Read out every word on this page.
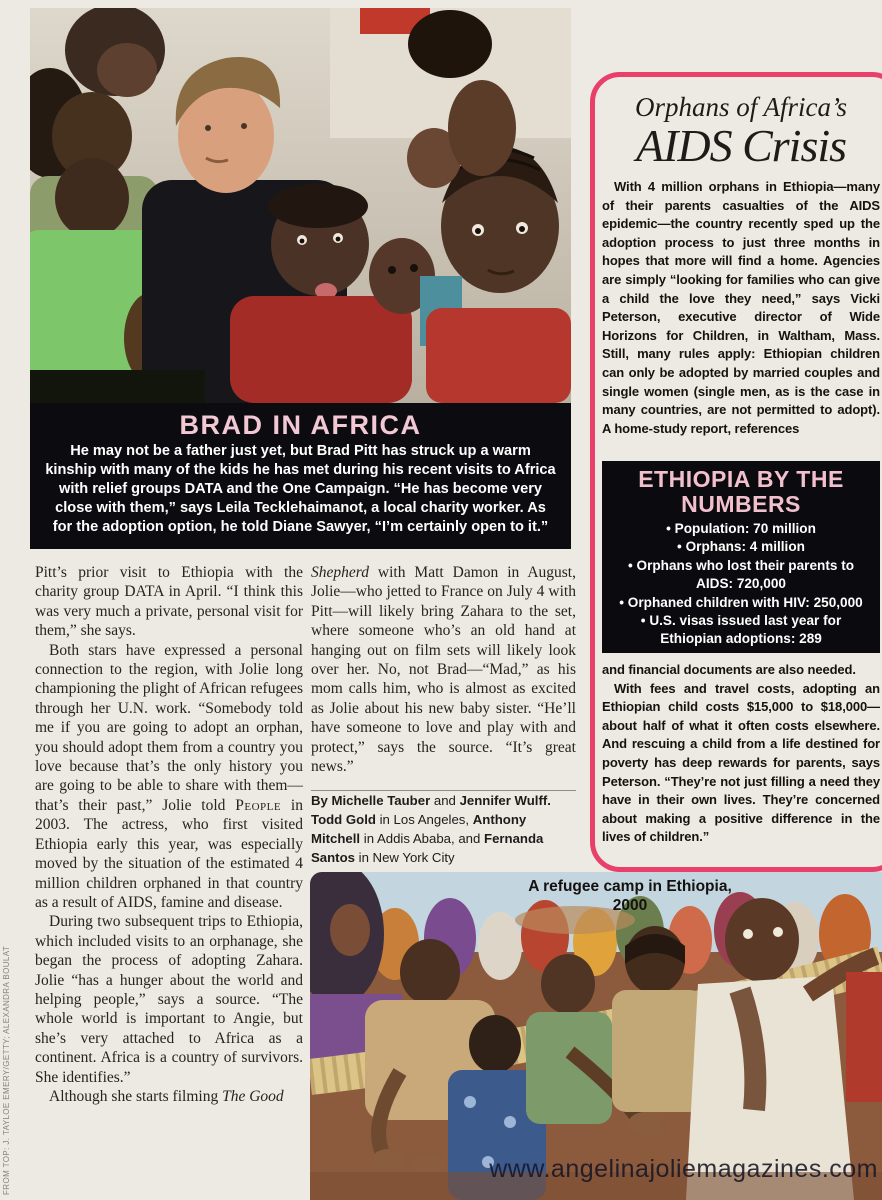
BRAD IN AFRICA
He may not be a father just yet, but Brad Pitt has struck up a warm kinship with many of the kids he has met during his recent visits to Africa with relief groups DATA and the One Campaign. “He has become very close with them,” says Leila Tecklehaimanot, a local charity worker. As for the adoption option, he told Diane Sawyer, “I’m certainly open to it.”

Pitt’s prior visit to Ethiopia with the charity group DATA in April. “I think this was very much a private, personal visit for them,” she says.

Both stars have expressed a personal connection to the region, with Jolie long championing the plight of African refugees through her U.N. work. “Somebody told me if you are going to adopt an orphan, you should adopt them from a country you love because that’s the only history you are going to be able to share with them—that’s their past,” Jolie told People in 2003. The actress, who first visited Ethiopia early this year, was especially moved by the situation of the estimated 4 million children orphaned in that country as a result of AIDS, famine and disease.

During two subsequent trips to Ethiopia, which included visits to an orphanage, she began the process of adopting Zahara. Jolie “has a hunger about the world and helping people,” says a source. “The whole world is important to Angie, but she’s very attached to Africa as a continent. Africa is a country of survivors. She identifies.”

Although she starts filming The Good

Shepherd with Matt Damon in August, Jolie—who jetted to France on July 4 with Pitt—will likely bring Zahara to the set, where someone who’s an old hand at hanging out on film sets will likely look over her. No, not Brad—“Mad,” as his mom calls him, who is almost as excited as Jolie about his new baby sister. “He’ll have someone to love and play with and protect,” says the source. “It’s great news.”

By Michelle Tauber and Jennifer Wulff. Todd Gold in Los Angeles, Anthony Mitchell in Addis Ababa, and Fernanda Santos in New York City

Orphans of Africa’s
AIDS Crisis

With 4 million orphans in Ethiopia—many of their parents casualties of the AIDS epidemic—the country recently sped up the adoption process to just three months in hopes that more will find a home. Agencies are simply “looking for families who can give a child the love they need,” says Vicki Peterson, executive director of Wide Horizons for Children, in Waltham, Mass. Still, many rules apply: Ethiopian children can only be adopted by married couples and single women (single men, as is the case in many countries, are not permitted to adopt). A home-study report, references

ETHIOPIA BY THE NUMBERS
• Population: 70 million
• Orphans: 4 million
• Orphans who lost their parents to AIDS: 720,000
• Orphaned children with HIV: 250,000
• U.S. visas issued last year for Ethiopian adoptions: 289

and financial documents are also needed.

With fees and travel costs, adopting an Ethiopian child costs $15,000 to $18,000—about half of what it often costs elsewhere. And rescuing a child from a life destined for poverty has deep rewards for parents, says Peterson. “They’re not just filling a need they have in their own lives. They’re concerned about making a positive difference in the lives of children.”

A refugee camp in Ethiopia, 2000
www.angelinajoliemagazines.com
FROM TOP: J. TAYLOE EMERY/GETTY; ALEXANDRA BOULAT
